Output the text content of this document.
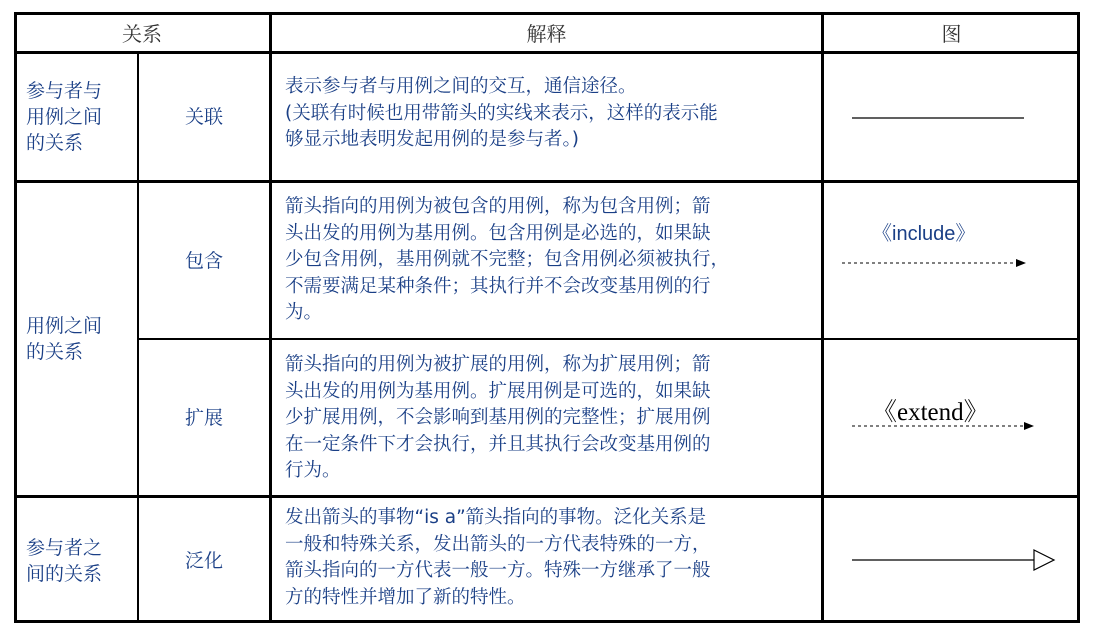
关系	解释	图
参与者与
用例之间
的关系
用例之间
的关系
参与者之
间的关系
关联
包含
扩展
泛化
表示参与者与用例之间的交互，通信途径。
(关联有时候也用带箭头的实线来表示，这样的表示能
够显示地表明发起用例的是参与者。)
箭头指向的用例为被包含的用例，称为包含用例；箭
头出发的用例为基用例。包含用例是必选的，如果缺
少包含用例，基用例就不完整；包含用例必须被执行，
不需要满足某种条件；其执行并不会改变基用例的行
为。
箭头指向的用例为被扩展的用例，称为扩展用例；箭
头出发的用例为基用例。扩展用例是可选的，如果缺
少扩展用例，不会影响到基用例的完整性；扩展用例
在一定条件下才会执行，并且其执行会改变基用例的
行为。
发出箭头的事物“is a”箭头指向的事物。泛化关系是
一般和特殊关系，发出箭头的一方代表特殊的一方，
箭头指向的一方代表一般一方。特殊一方继承了一般
方的特性并增加了新的特性。
《include》
《extend》
